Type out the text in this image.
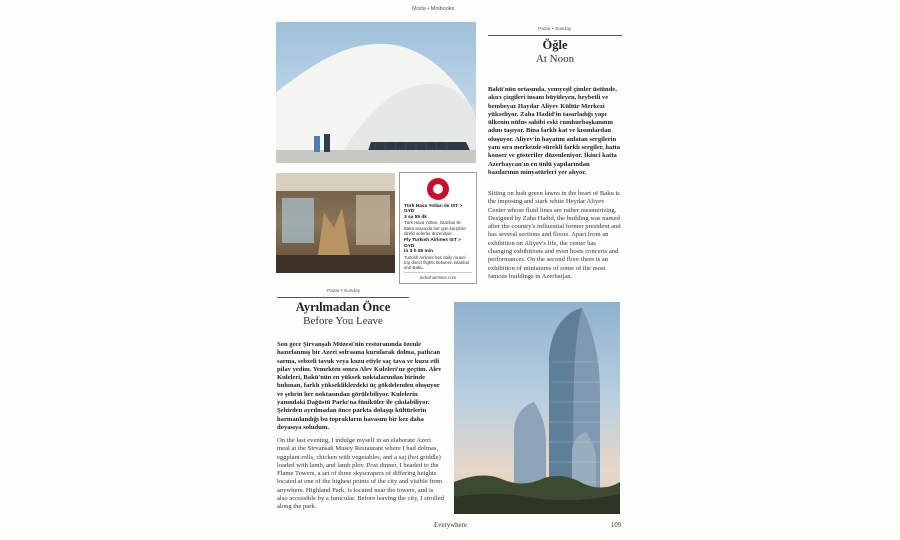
Moda • Mnibooks
Türk Hava Yolları ile IST > GYD
3 sa 55 dk
Türk Hava Yolları, İstanbul ile Bakü arasında her gün karşılıklı direkt seferler düzenliyor.
Fly Turkish Airlines IST > GYD
in 3 h 55 min
Turkish Airlines has daily round-trip direct flights between Istanbul and Baku.
turkishairlines.com
Pazar • Sunday
Öğle
At Noon
Bakü'nün ortasında, yemyeşil çimler üstünde, akıcı çizgileri insanı büyüleyen, heybetli ve bembeyaz Haydar Aliyev Kültür Merkezi yükseliyor. Zaha Hadid'in tasarladığı yapı ülkenin nüfus sahibi eski cumhurbaşkanının adını taşıyor. Bina farklı kat ve kısımlardan oluşuyor. Aliyev'in hayatını anlatan sergilerin yanı sıra merkezde sürekli farklı sergiler, hatta konser ve gösteriler düzenleniyor. İkinci katta Azerbaycan'ın en ünlü yapılarından bazılarının minyatürleri yer alıyor.
Sitting on lush green lawns in the heart of Baku is the imposing and stark white Heydar Aliyev Center whose fluid lines are rather mesmerizing. Designed by Zaha Hadid, the building was named after the country's influential former president and has several sections and floors. Apart from an exhibition on Aliyev's life, the center has changing exhibitions and even hosts concerts and performances. On the second floor there is an exhibition of miniatures of some of the most famous buildings in Azerbaijan.
Pazar • Sunday
Ayrılmadan Önce
Before You Leave
Son gece Şirvanşah Müzesi'nin restoranında özenle hazırlanmış bir Azeri sofrasına kurularak dolma, patlıcan sarma, sebzeli tavuk veya kuzu etiyle saç tava ve kuzu etli pilav yedim. Yemekten sonra Alev Kuleleri'ne geçtim. Alev Kuleleri, Bakü'nün en yüksek noktalarından birinde bulunan, farklı yüksekliklerdeki üç gökdelenden oluşuyor ve şehrin her noktasından görülebiliyor. Kulelerin yanındaki Dağüstü Parkı'na füniküler ile çıkılabiliyor. Şehirden ayrılmadan önce parkta dolaşıp kültürlerin harmanlandığı bu toprakların havasını bir kez daha doyasıya soludum.
On the last evening, I indulge myself in an elaborate Azeri meal at the Sirvansah Musey Restaurant where I had dolmas, eggplant rolls, chicken with vegetables, and a saj (hot griddle) loaded with lamb, and lamb plov. Post dinner, I headed to the Flame Towers, a set of three skyscrapers of differing heights located at one of the highest points of the city and visible from anywhere. Highland Park, is located near the towers, and is also accessible by a funicular. Before leaving the city, I strolled along the park.
Everywhere	109
